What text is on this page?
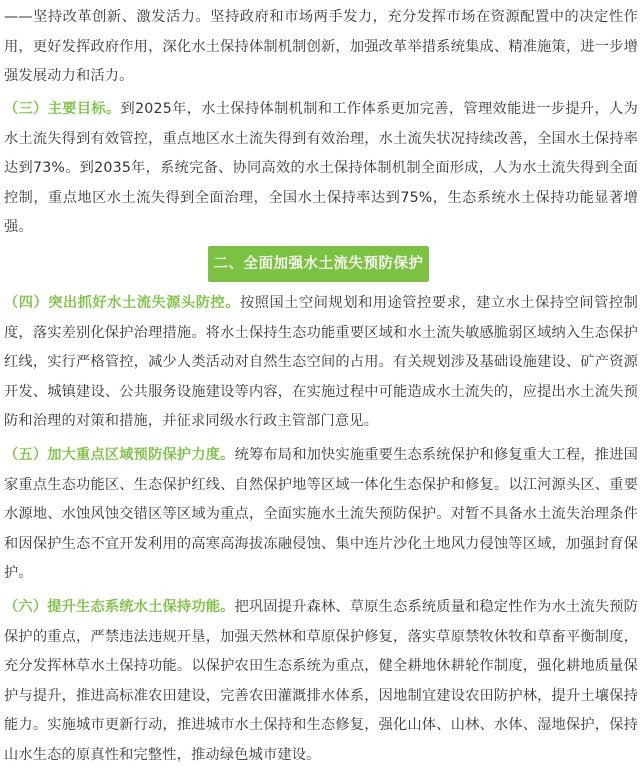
——坚持改革创新、激发活力。坚持政府和市场两手发力，充分发挥市场在资源配置中的决定性作用，更好发挥政府作用，深化水土保持体制机制创新，加强改革举措系统集成、精准施策，进一步增强发展动力和活力。

（三）主要目标。到2025年，水土保持体制机制和工作体系更加完善，管理效能进一步提升，人为水土流失得到有效管控，重点地区水土流失得到有效治理，水土流失状况持续改善，全国水土保持率达到73%。到2035年，系统完备、协同高效的水土保持体制机制全面形成，人为水土流失得到全面控制，重点地区水土流失得到全面治理，全国水土保持率达到75%，生态系统水土保持功能显著增强。

二、全面加强水土流失预防保护

（四）突出抓好水土流失源头防控。按照国土空间规划和用途管控要求，建立水土保持空间管控制度，落实差别化保护治理措施。将水土保持生态功能重要区域和水土流失敏感脆弱区域纳入生态保护红线，实行严格管控，减少人类活动对自然生态空间的占用。有关规划涉及基础设施建设、矿产资源开发、城镇建设、公共服务设施建设等内容，在实施过程中可能造成水土流失的，应提出水土流失预防和治理的对策和措施，并征求同级水行政主管部门意见。

（五）加大重点区域预防保护力度。统筹布局和加快实施重要生态系统保护和修复重大工程，推进国家重点生态功能区、生态保护红线、自然保护地等区域一体化生态保护和修复。以江河源头区、重要水源地、水蚀风蚀交错区等区域为重点，全面实施水土流失预防保护。对暂不具备水土流失治理条件和因保护生态不宜开发利用的高寒高海拔冻融侵蚀、集中连片沙化土地风力侵蚀等区域，加强封育保护。

（六）提升生态系统水土保持功能。把巩固提升森林、草原生态系统质量和稳定性作为水土流失预防保护的重点，严禁违法违规开垦，加强天然林和草原保护修复，落实草原禁牧休牧和草畜平衡制度，充分发挥林草水土保持功能。以保护农田生态系统为重点，健全耕地休耕轮作制度，强化耕地质量保护与提升，推进高标准农田建设，完善农田灌溉排水体系，因地制宜建设农田防护林，提升土壤保持能力。实施城市更新行动，推进城市水土保持和生态修复，强化山体、山林、水体、湿地保护，保持山水生态的原真性和完整性，推动绿色城市建设。
